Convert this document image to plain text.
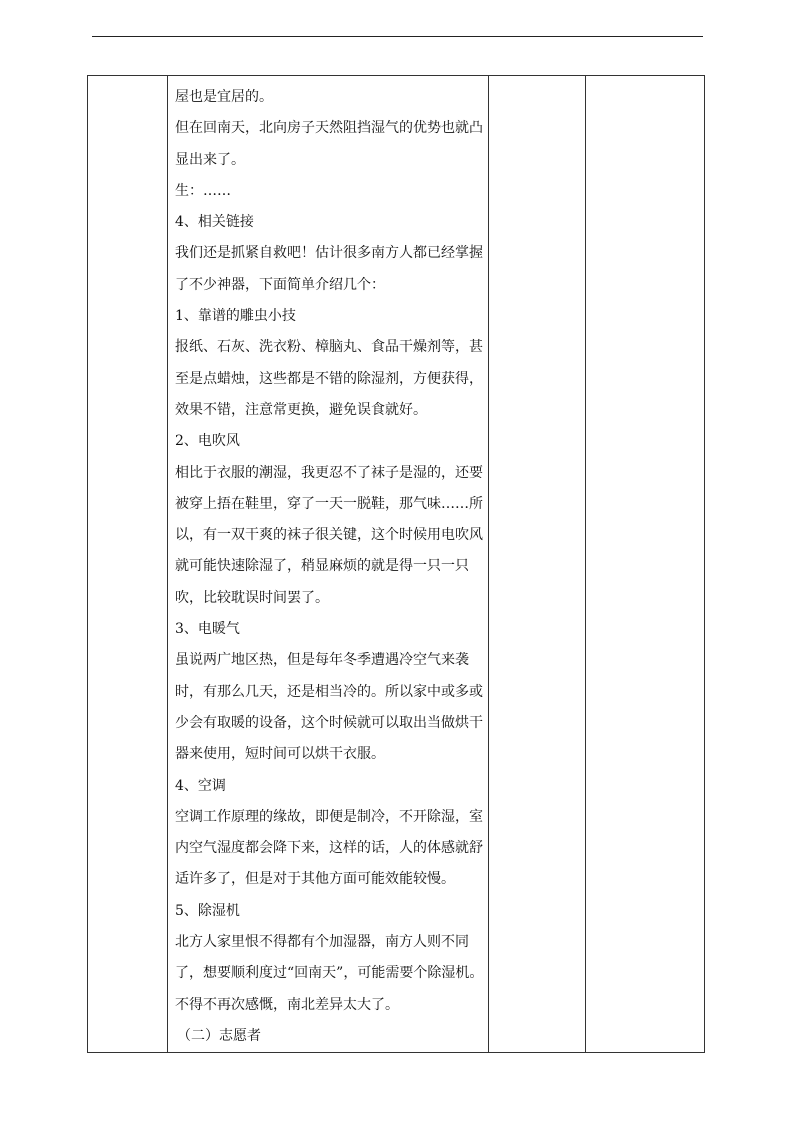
屋也是宜居的。

但在回南天，北向房子天然阻挡湿气的优势也就凸

显出来了。

生：……

4、相关链接

我们还是抓紧自救吧！估计很多南方人都已经掌握

了不少神器，下面简单介绍几个：

1、靠谱的雕虫小技

报纸、石灰、洗衣粉、樟脑丸、食品干燥剂等，甚

至是点蜡烛，这些都是不错的除湿剂，方便获得，

效果不错，注意常更换，避免误食就好。

2、电吹风

相比于衣服的潮湿，我更忍不了袜子是湿的，还要

被穿上捂在鞋里，穿了一天一脱鞋，那气味……所

以，有一双干爽的袜子很关键，这个时候用电吹风

就可能快速除湿了，稍显麻烦的就是得一只一只

吹，比较耽误时间罢了。

3、电暖气

虽说两广地区热，但是每年冬季遭遇冷空气来袭

时，有那么几天，还是相当冷的。所以家中或多或

少会有取暖的设备，这个时候就可以取出当做烘干

器来使用，短时间可以烘干衣服。

4、空调

空调工作原理的缘故，即便是制冷，不开除湿，室

内空气湿度都会降下来，这样的话，人的体感就舒

适许多了，但是对于其他方面可能效能较慢。

5、除湿机

北方人家里恨不得都有个加湿器，南方人则不同

了，想要顺利度过“回南天”，可能需要个除湿机。

不得不再次感慨，南北差异太大了。

（二）志愿者
